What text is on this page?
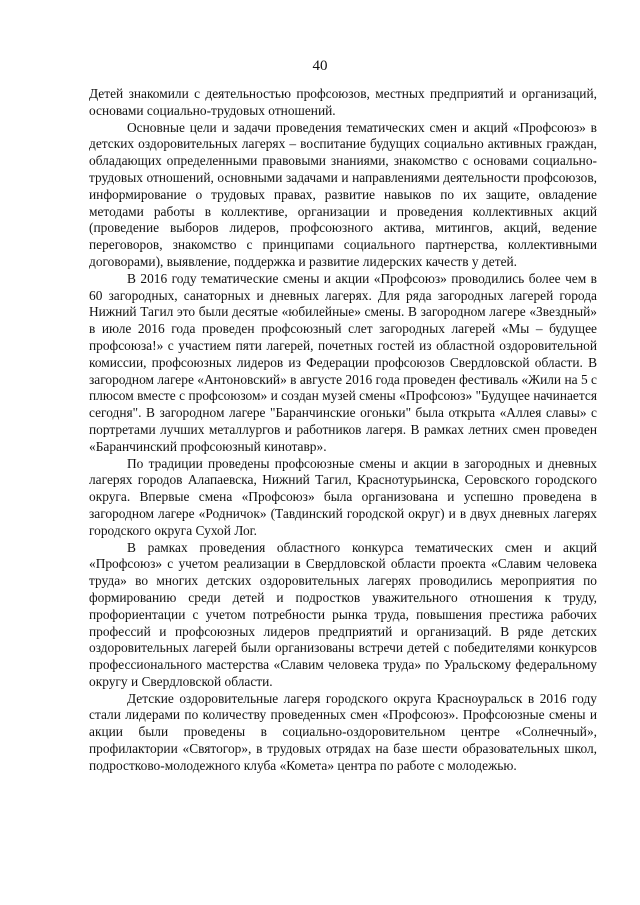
40

Детей знакомили с деятельностью профсоюзов, местных предприятий и организаций, основами социально-трудовых отношений.

Основные цели и задачи проведения тематических смен и акций «Профсоюз» в детских оздоровительных лагерях – воспитание будущих социально активных граждан, обладающих определенными правовыми знаниями, знакомство с основами социально-трудовых отношений, основными задачами и направлениями деятельности профсоюзов, информирование о трудовых правах, развитие навыков по их защите, овладение методами работы в коллективе, организации и проведения коллективных акций (проведение выборов лидеров, профсоюзного актива, митингов, акций, ведение переговоров, знакомство с принципами социального партнерства, коллективными договорами), выявление, поддержка и развитие лидерских качеств у детей.

В 2016 году тематические смены и акции «Профсоюз» проводились более чем в 60 загородных, санаторных и дневных лагерях. Для ряда загородных лагерей города Нижний Тагил это были десятые «юбилейные» смены. В загородном лагере «Звездный» в июле 2016 года проведен профсоюзный слет загородных лагерей «Мы – будущее профсоюза!» с участием пяти лагерей, почетных гостей из областной оздоровительной комиссии, профсоюзных лидеров из Федерации профсоюзов Свердловской области. В загородном лагере «Антоновский» в августе 2016 года проведен фестиваль «Жили на 5 с плюсом вместе с профсоюзом» и создан музей смены «Профсоюз» "Будущее начинается сегодня". В загородном лагере "Баранчинские огоньки" была открыта «Аллея славы» с портретами лучших металлургов и работников лагеря. В рамках летних смен проведен «Баранчинский профсоюзный кинотавр».

По традиции проведены профсоюзные смены и акции в загородных и дневных лагерях городов Алапаевска, Нижний Тагил, Краснотурьинска, Серовского городского округа. Впервые смена «Профсоюз» была организована и успешно проведена в загородном лагере «Родничок» (Тавдинский городской округ) и в двух дневных лагерях городского округа Сухой Лог.

В рамках проведения областного конкурса тематических смен и акций «Профсоюз» с учетом реализации в Свердловской области проекта «Славим человека труда» во многих детских оздоровительных лагерях проводились мероприятия по формированию среди детей и подростков уважительного отношения к труду, профориентации с учетом потребности рынка труда, повышения престижа рабочих профессий и профсоюзных лидеров предприятий и организаций. В ряде детских оздоровительных лагерей были организованы встречи детей с победителями конкурсов профессионального мастерства «Славим человека труда» по Уральскому федеральному округу и Свердловской области.

Детские оздоровительные лагеря городского округа Красноуральск в 2016 году стали лидерами по количеству проведенных смен «Профсоюз». Профсоюзные смены и акции были проведены в социально-оздоровительном центре «Солнечный», профилактории «Святогор», в трудовых отрядах на базе шести образовательных школ, подростково-молодежного клуба «Комета» центра по работе с молодежью.
